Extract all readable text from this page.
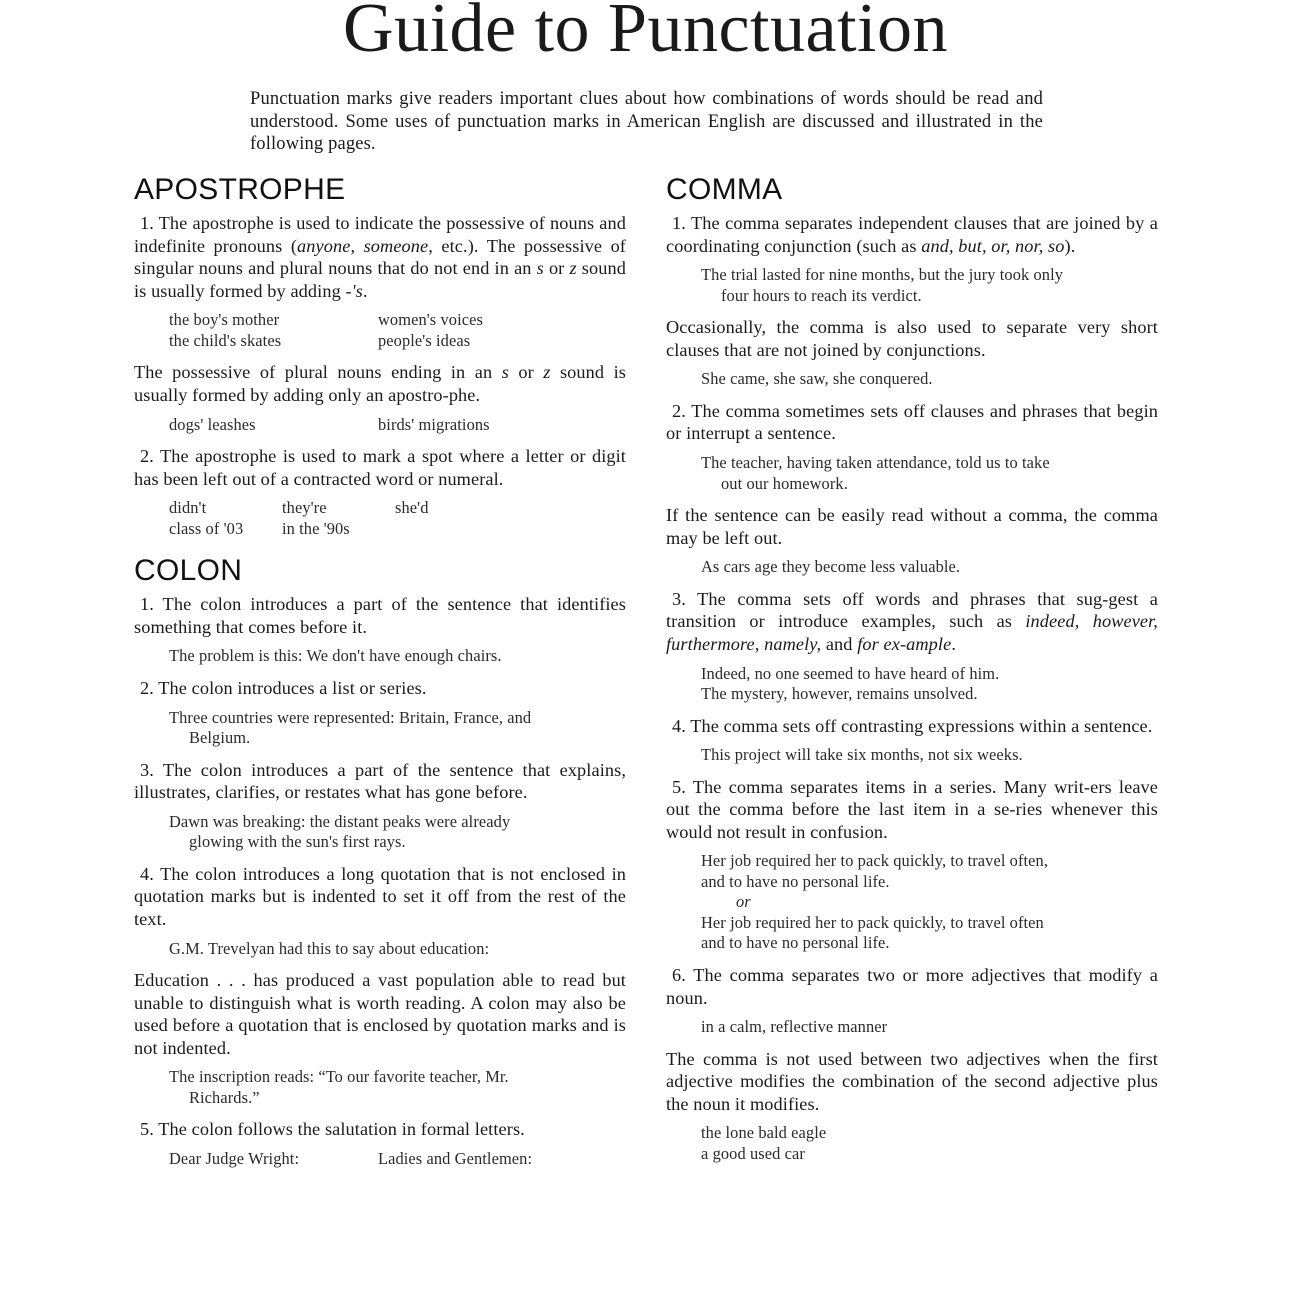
Guide to Punctuation

Punctuation marks give readers important clues about how combinations of words should be read and understood. Some uses of punctuation marks in American English are discussed and illustrated in the following pages.

APOSTROPHE

1. The apostrophe is used to indicate the possessive of nouns and indefinite pronouns (anyone, someone, etc.). The possessive of singular nouns and plural nouns that do not end in an s or z sound is usually formed by adding -'s.

the boy's mother	women's voices
the child's skates	people's ideas

The possessive of plural nouns ending in an s or z sound is usually formed by adding only an apostro-phe.

dogs' leashes	birds' migrations

2. The apostrophe is used to mark a spot where a letter or digit has been left out of a contracted word or numeral.

didn't	they're	she'd
class of '03	in the '90s
COLON

1. The colon introduces a part of the sentence that identifies something that comes before it.

The problem is this: We don't have enough chairs.

2. The colon introduces a list or series.

Three countries were represented: Britain, France, and
Belgium.

3. The colon introduces a part of the sentence that explains, illustrates, clarifies, or restates what has gone before.

Dawn was breaking: the distant peaks were already
glowing with the sun's first rays.

4. The colon introduces a long quotation that is not enclosed in quotation marks but is indented to set it off from the rest of the text.

G.M. Trevelyan had this to say about education:

Education . . . has produced a vast population able to read but unable to distinguish what is worth reading. A colon may also be used before a quotation that is enclosed by quotation marks and is not indented.

The inscription reads: “To our favorite teacher, Mr.
Richards.”

5. The colon follows the salutation in formal letters.

Dear Judge Wright:	Ladies and Gentlemen:
COMMA

1. The comma separates independent clauses that are joined by a coordinating conjunction (such as and, but, or, nor, so).

The trial lasted for nine months, but the jury took only
four hours to reach its verdict.

Occasionally, the comma is also used to separate very short clauses that are not joined by conjunctions.

She came, she saw, she conquered.

2. The comma sometimes sets off clauses and phrases that begin or interrupt a sentence.

The teacher, having taken attendance, told us to take
out our homework.

If the sentence can be easily read without a comma, the comma may be left out.

As cars age they become less valuable.

3. The comma sets off words and phrases that sug-gest a transition or introduce examples, such as indeed, however, furthermore, namely, and for ex-ample.

Indeed, no one seemed to have heard of him.
The mystery, however, remains unsolved.

4. The comma sets off contrasting expressions within a sentence.

This project will take six months, not six weeks.

5. The comma separates items in a series. Many writ-ers leave out the comma before the last item in a se-ries whenever this would not result in confusion.

Her job required her to pack quickly, to travel often,
and to have no personal life.
or
Her job required her to pack quickly, to travel often
and to have no personal life.

6. The comma separates two or more adjectives that modify a noun.

in a calm, reflective manner

The comma is not used between two adjectives when the first adjective modifies the combination of the second adjective plus the noun it modifies.

the lone bald eagle
a good used car
